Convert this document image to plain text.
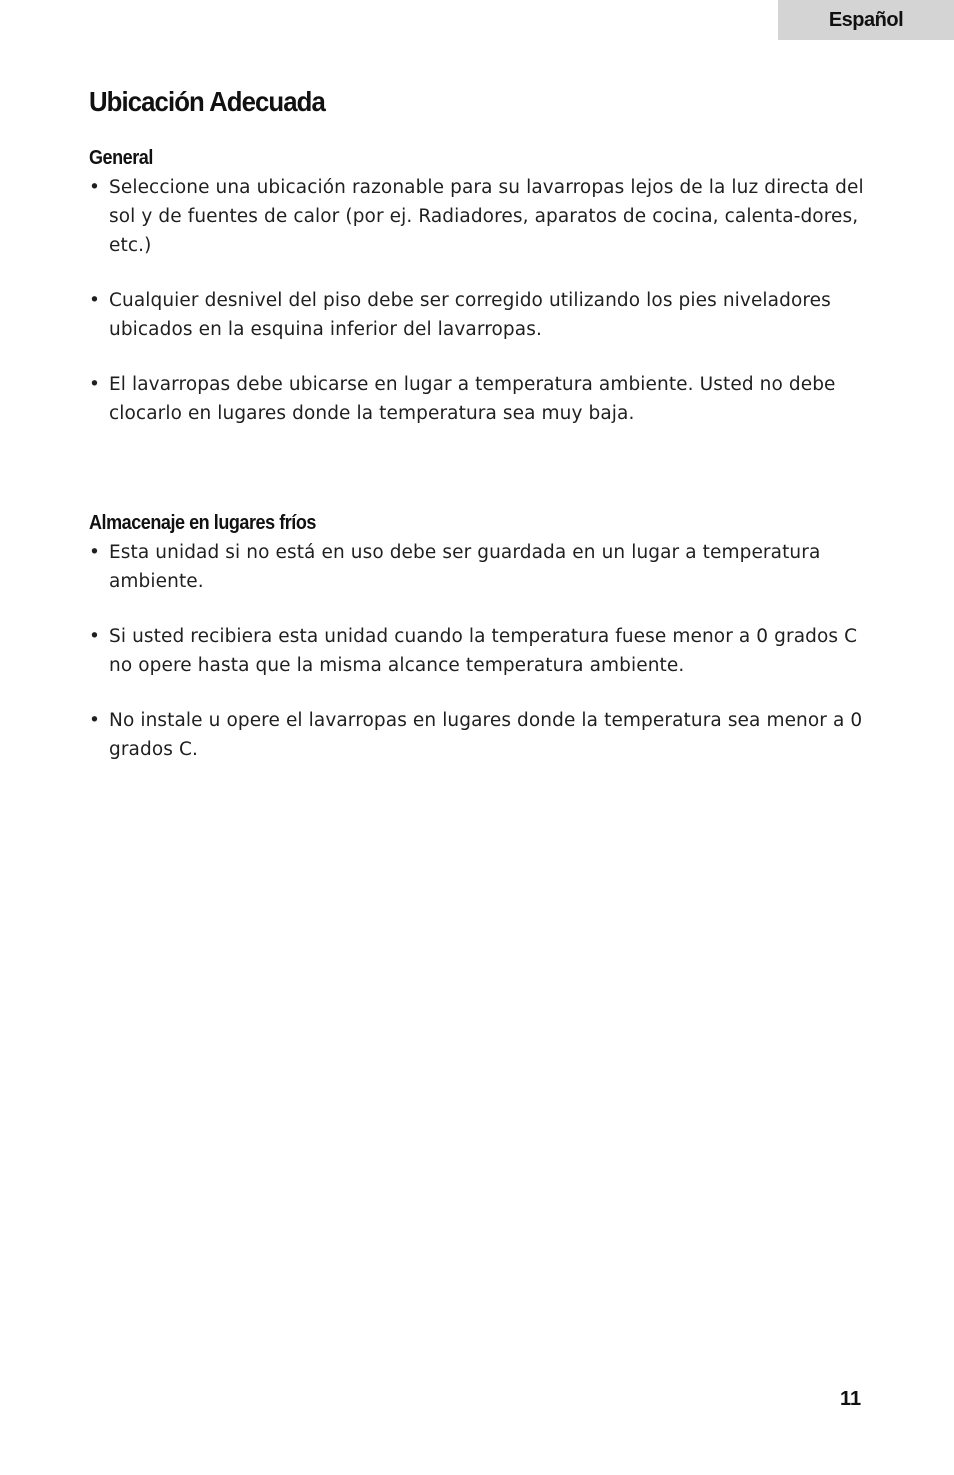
Español
Ubicación Adecuada
General
• Seleccione una ubicación razonable para su lavarropas lejos de la luz directa del sol y de fuentes de calor (por ej. Radiadores, aparatos de cocina, calenta-dores, etc.)
• Cualquier desnivel del piso debe ser corregido utilizando los pies niveladores ubicados en la esquina inferior del lavarropas.
• El lavarropas debe ubicarse en lugar a temperatura ambiente. Usted no debe clocarlo en lugares donde la temperatura sea muy baja.
Almacenaje en lugares fríos
• Esta unidad si no está en uso debe ser guardada en un lugar a temperatura ambiente.
• Si usted recibiera esta unidad cuando la temperatura fuese menor a 0 grados C no opere hasta que la misma alcance temperatura ambiente.
• No instale u opere el lavarropas en lugares donde la temperatura sea menor a 0 grados C.
11
